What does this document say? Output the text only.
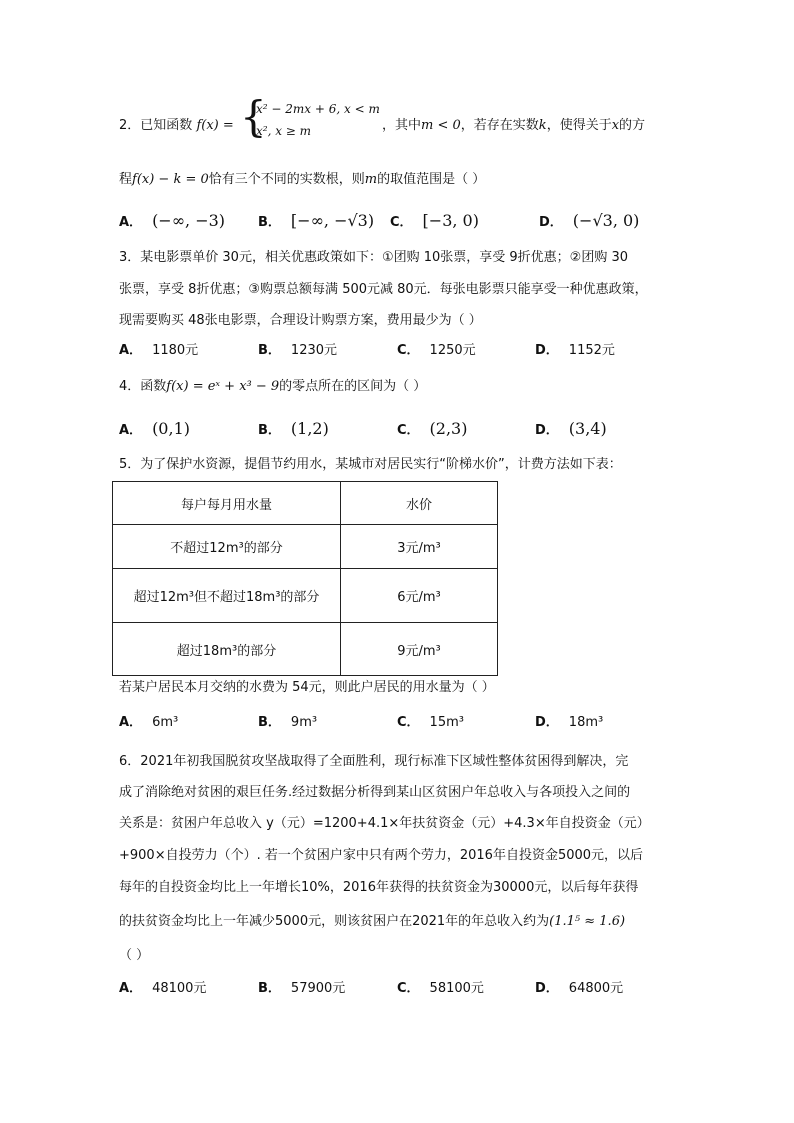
2．已知函数 f(x) = {
x² − 2mx + 6, x < m
x², x ≥ m	，其中m < 0，若存在实数k，使得关于x的方
程f(x) − k = 0恰有三个不同的实数根，则m的取值范围是（ ）
A． (−∞, −3)	B． [−∞, −√3) C． [−3, 0)	D． (−√3, 0)
3．某电影票单价 30元，相关优惠政策如下：①团购 10张票，享受 9折优惠；②团购 30
张票，享受 8折优惠；③购票总额每满 500元减 80元．每张电影票只能享受一种优惠政策，
现需要购买 48张电影票，合理设计购票方案，费用最少为（ ）
A． 1180元	B． 1230元	C． 1250元	D． 1152元
4．函数f(x) = eˣ + x³ − 9的零点所在的区间为（ ）
A． (0,1)	B． (1,2)	C． (2,3)	D． (3,4)
5．为了保护水资源，提倡节约用水，某城市对居民实行“阶梯水价”，计费方法如下表：
每户每月用水量	水价
不超过12m³的部分	3元/m³
超过12m³但不超过18m³的部分	6元/m³
超过18m³的部分	9元/m³
若某户居民本月交纳的水费为 54元，则此户居民的用水量为（ ）
A． 6m³	B． 9m³	C． 15m³	D． 18m³
6．2021年初我国脱贫攻坚战取得了全面胜利，现行标准下区域性整体贫困得到解决，完
成了消除绝对贫困的艰巨任务.经过数据分析得到某山区贫困户年总收入与各项投入之间的
关系是：贫困户年总收入 y（元）=1200+4.1×年扶贫资金（元）+4.3×年自投资金（元）
+900×自投劳力（个）. 若一个贫困户家中只有两个劳力，2016年自投资金5000元，以后
每年的自投资金均比上一年增长10%，2016年获得的扶贫资金为30000元，以后每年获得
的扶贫资金均比上一年减少5000元，则该贫困户在2021年的年总收入约为(1.1⁵ ≈ 1.6)
（ ）
A． 48100元	B． 57900元	C． 58100元	D． 64800元
